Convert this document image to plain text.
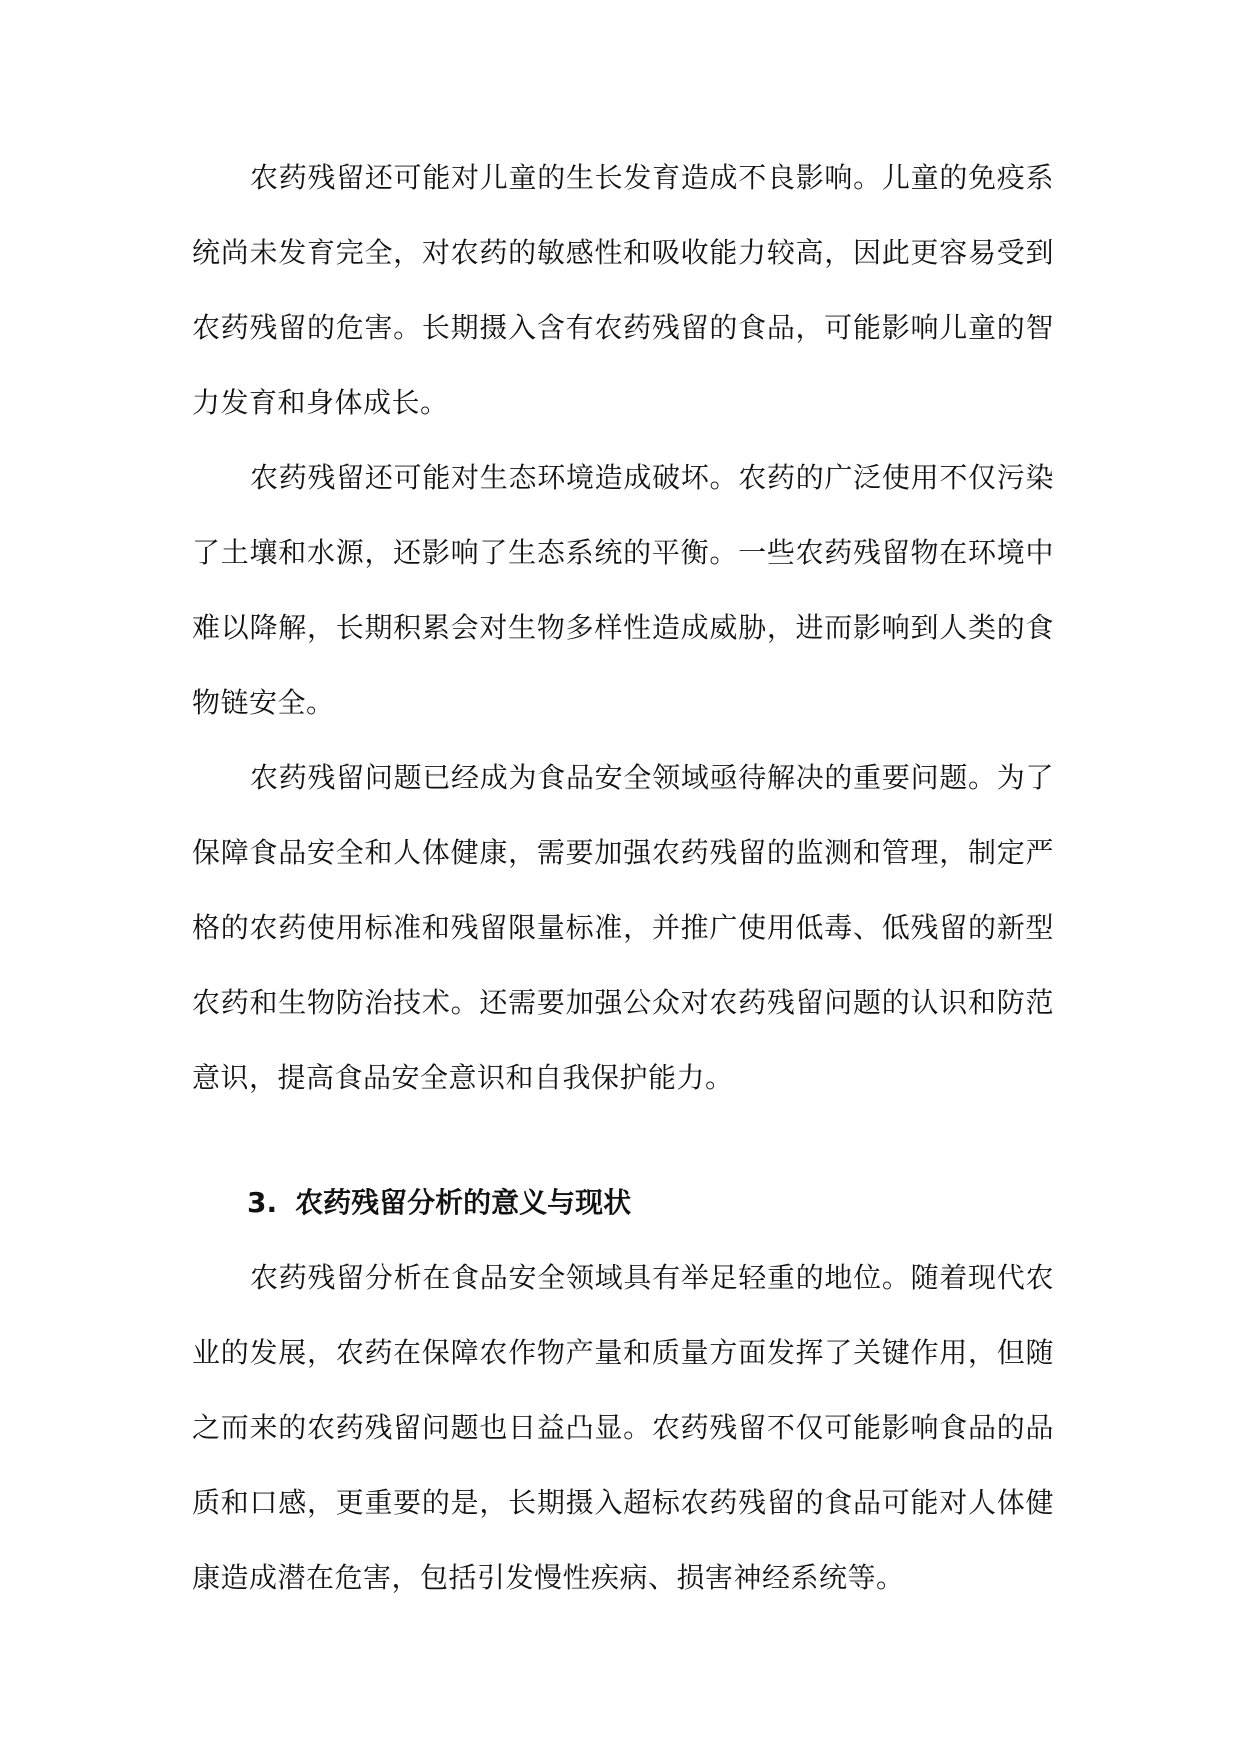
农药残留还可能对儿童的生长发育造成不良影响。儿童的免疫系统尚未发育完全，对农药的敏感性和吸收能力较高，因此更容易受到农药残留的危害。长期摄入含有农药残留的食品，可能影响儿童的智力发育和身体成长。

农药残留还可能对生态环境造成破坏。农药的广泛使用不仅污染了土壤和水源，还影响了生态系统的平衡。一些农药残留物在环境中难以降解，长期积累会对生物多样性造成威胁，进而影响到人类的食物链安全。

农药残留问题已经成为食品安全领域亟待解决的重要问题。为了保障食品安全和人体健康，需要加强农药残留的监测和管理，制定严格的农药使用标准和残留限量标准，并推广使用低毒、低残留的新型农药和生物防治技术。还需要加强公众对农药残留问题的认识和防范意识，提高食品安全意识和自我保护能力。

3. 农药残留分析的意义与现状

农药残留分析在食品安全领域具有举足轻重的地位。随着现代农业的发展，农药在保障农作物产量和质量方面发挥了关键作用，但随之而来的农药残留问题也日益凸显。农药残留不仅可能影响食品的品质和口感，更重要的是，长期摄入超标农药残留的食品可能对人体健康造成潜在危害，包括引发慢性疾病、损害神经系统等。
